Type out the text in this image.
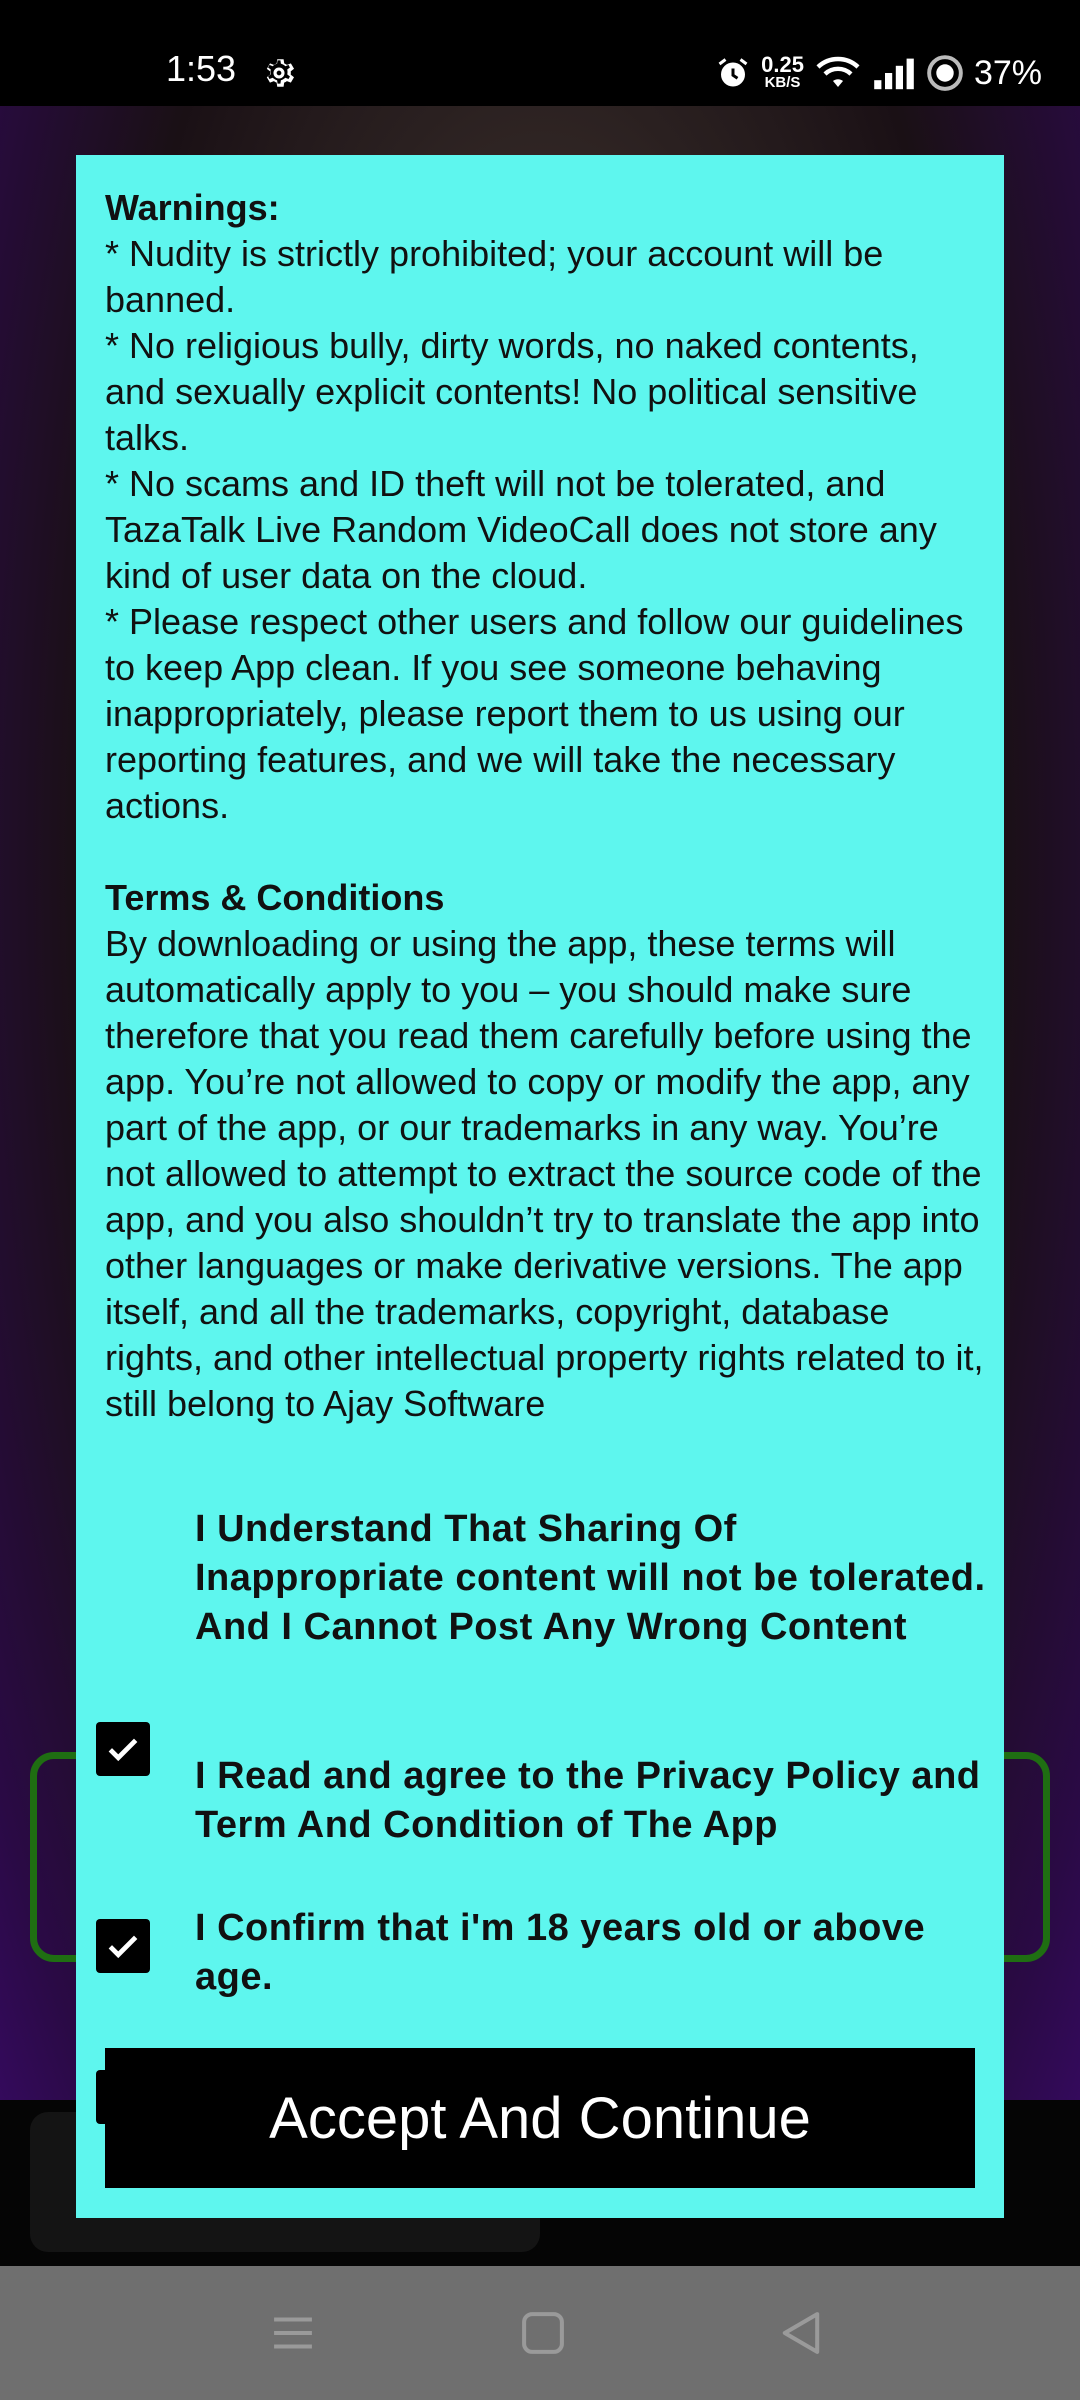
1:53	0.25
KB/S	37%

Warnings:

* Nudity is strictly prohibited; your account will be banned.

* No religious bully, dirty words, no naked contents, and sexually explicit contents! No political sensitive talks.

* No scams and ID theft will not be tolerated, and TazaTalk Live Random VideoCall does not store any kind of user data on the cloud.

* Please respect other users and follow our guidelines to keep App clean. If you see someone behaving inappropriately, please report them to us using our reporting features, and we will take the necessary actions.

Terms & Conditions

By downloading or using the app, these terms will automatically apply to you – you should make sure therefore that you read them carefully before using the app. You’re not allowed to copy or modify the app, any part of the app, or our trademarks in any way. You’re not allowed to attempt to extract the source code of the app, and you also shouldn’t try to translate the app into other languages or make derivative versions. The app itself, and all the trademarks, copyright, database rights, and other intellectual property rights related to it, still belong to Ajay Software

I Understand That Sharing Of Inappropriate content will not be tolerated. And I Cannot Post Any Wrong Content
I Read and agree to the Privacy Policy and Term And Condition of The App
I Confirm that i'm 18 years old or above age.
Accept And Continue
